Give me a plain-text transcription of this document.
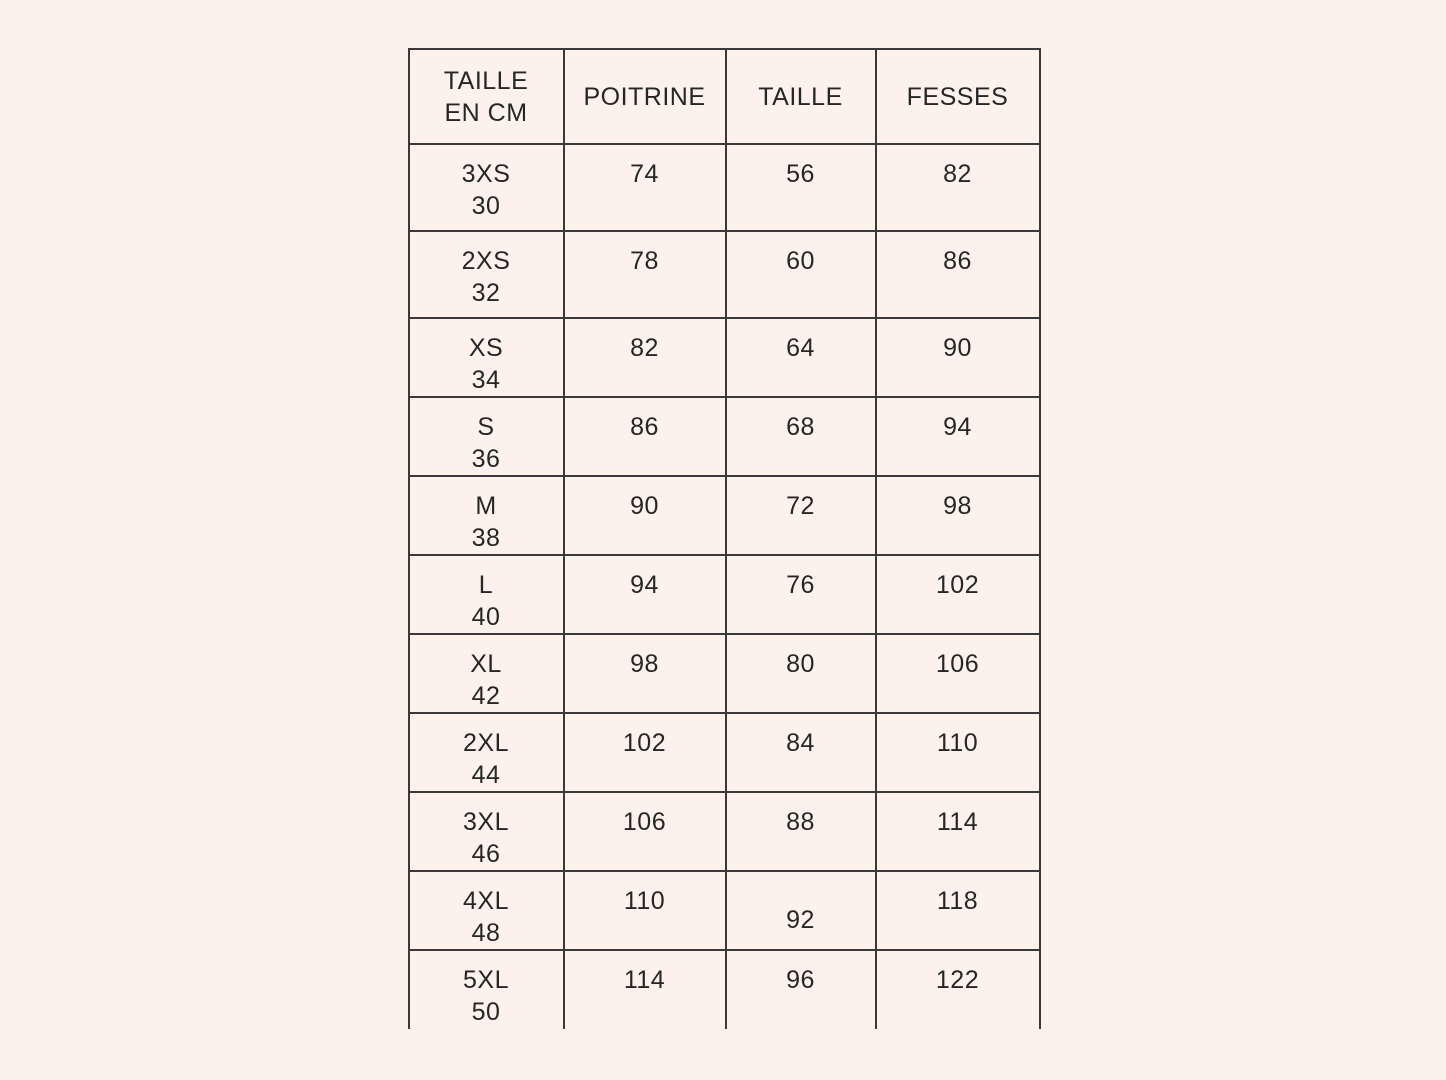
TAILLE
EN CM	POITRINE	TAILLE	FESSES

3XS
30	74	56	82

2XS
32	78	60	86

XS
34	82	64	90

S
36	86	68	94

M
38	90	72	98

L
40	94	76	102

XL
42	98	80	106

2XL
44	102	84	110

3XL
46	106	88	114

4XL
48	110	92	118

5XL
50	114	96	122
